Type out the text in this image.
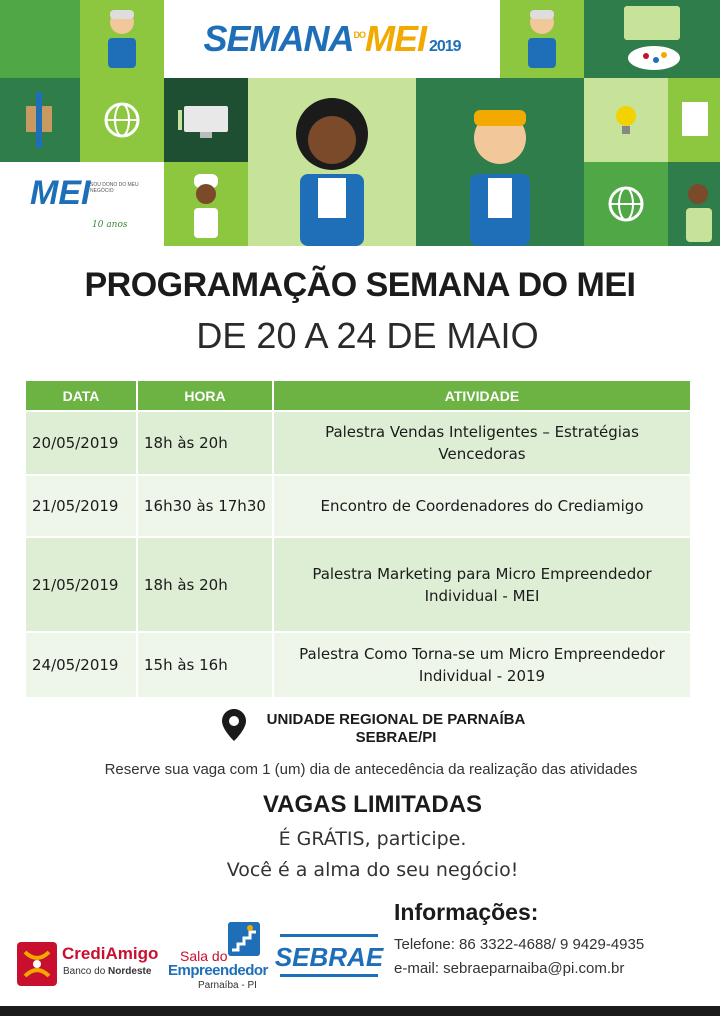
$SEMANA^{DO}MEI$ 2019
MEI SOU DONO DO MEU NEGÓCIO
10 anos
PROGRAMAÇÃO SEMANA DO MEI
DE 20 A 24 DE MAIO
DATA	HORA	ATIVIDADE
20/05/2019	18h às 20h	Palestra Vendas Inteligentes – Estratégias
Vencedoras
21/05/2019	16h30 às 17h30	Encontro de Coordenadores do Crediamigo
21/05/2019	18h às 20h	Palestra Marketing para Micro Empreendedor
Individual - MEI
24/05/2019	15h às 16h	Palestra Como Torna-se um Micro Empreendedor
Individual - 2019
UNIDADE REGIONAL DE PARNAÍBA
SEBRAE/PI
Reserve sua vaga com 1 (um) dia de antecedência da realização das atividades
VAGAS LIMITADAS
É GRÁTIS, participe.
Você é a alma do seu negócio!
CrediAmigo
Banco do Nordeste
Sala do
Empreendedor
Parnaíba - PI
SEBRAE
Informações:
Telefone: 86 3322-4688/ 9 9429-4935
e-mail: sebraeparnaiba@pi.com.br
